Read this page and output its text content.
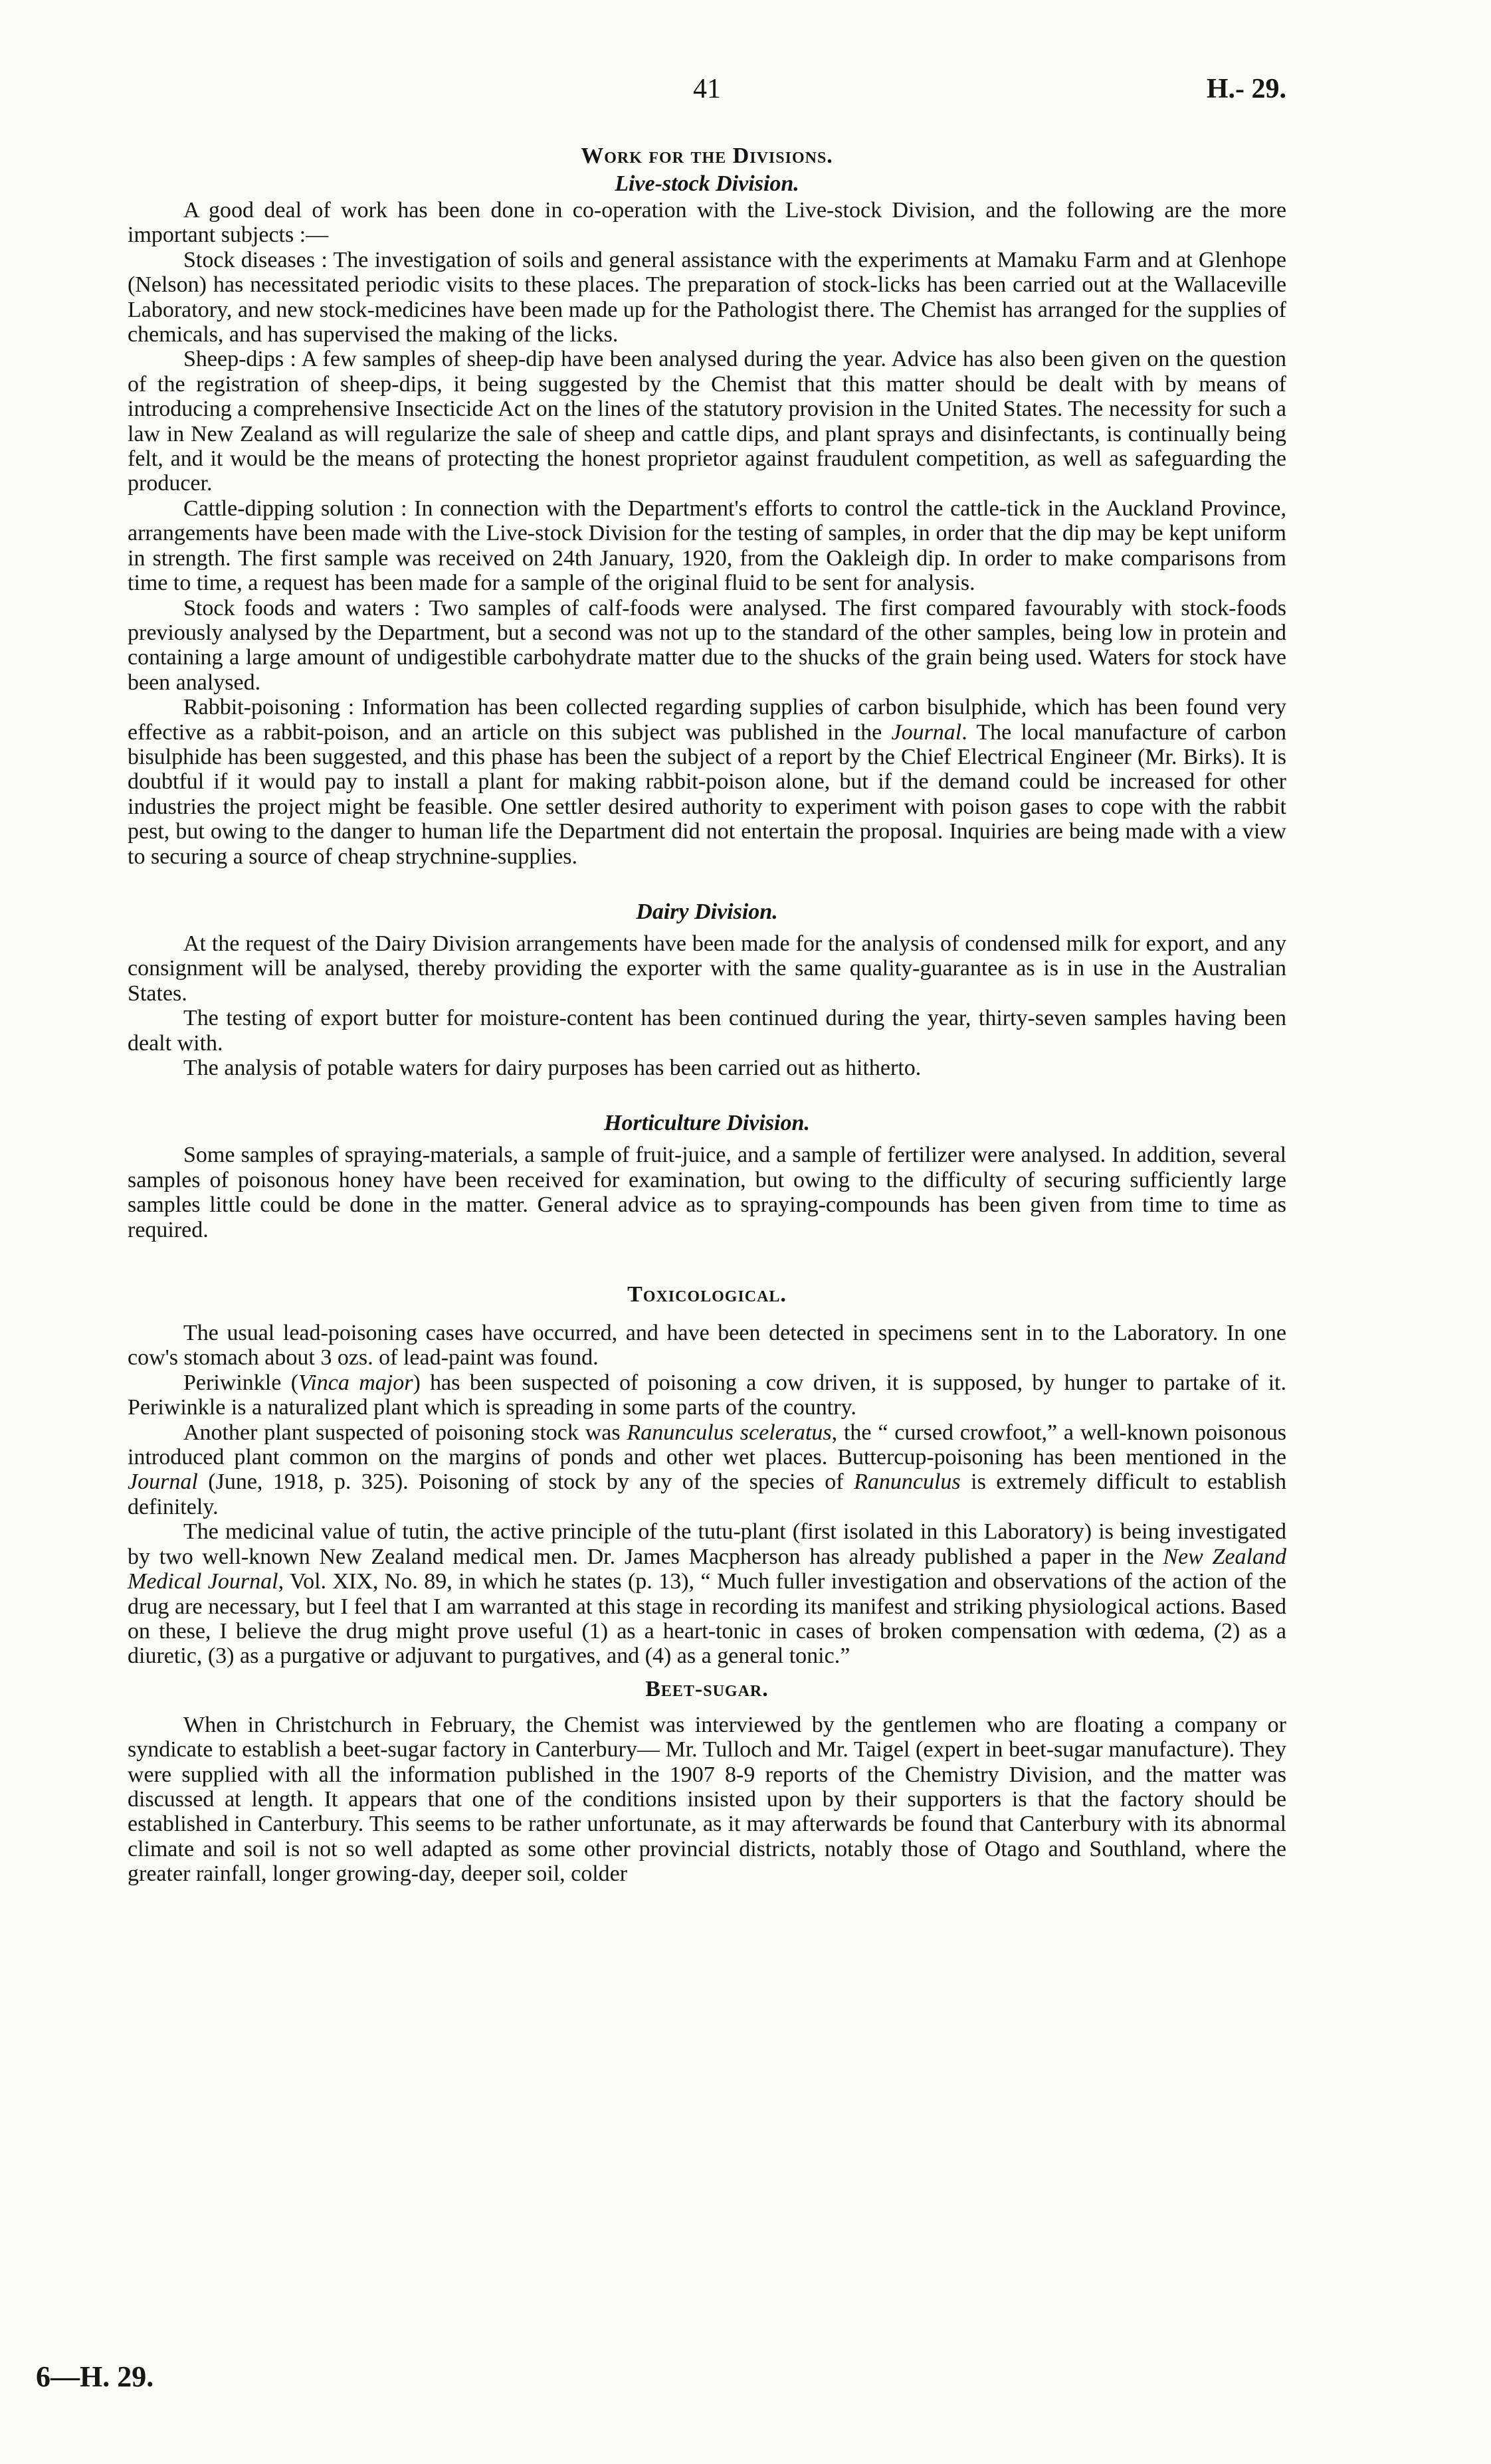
41	H.- 29.
Work for the Divisions.
Live-stock Division.

A good deal of work has been done in co-operation with the Live-stock Division, and the following are the more important subjects :—

Stock diseases : The investigation of soils and general assistance with the experiments at Mamaku Farm and at Glenhope (Nelson) has necessitated periodic visits to these places. The preparation of stock-licks has been carried out at the Wallaceville Laboratory, and new stock-medicines have been made up for the Pathologist there. The Chemist has arranged for the supplies of chemicals, and has supervised the making of the licks.

Sheep-dips : A few samples of sheep-dip have been analysed during the year. Advice has also been given on the question of the registration of sheep-dips, it being suggested by the Chemist that this matter should be dealt with by means of introducing a comprehensive Insecticide Act on the lines of the statutory provision in the United States. The necessity for such a law in New Zealand as will regularize the sale of sheep and cattle dips, and plant sprays and disinfectants, is continually being felt, and it would be the means of protecting the honest proprietor against fraudulent competition, as well as safeguarding the producer.

Cattle-dipping solution : In connection with the Department's efforts to control the cattle-tick in the Auckland Province, arrangements have been made with the Live-stock Division for the testing of samples, in order that the dip may be kept uniform in strength. The first sample was received on 24th January, 1920, from the Oakleigh dip. In order to make comparisons from time to time, a request has been made for a sample of the original fluid to be sent for analysis.

Stock foods and waters : Two samples of calf-foods were analysed. The first compared favourably with stock-foods previously analysed by the Department, but a second was not up to the standard of the other samples, being low in protein and containing a large amount of undigestible carbohydrate matter due to the shucks of the grain being used. Waters for stock have been analysed.

Rabbit-poisoning : Information has been collected regarding supplies of carbon bisulphide, which has been found very effective as a rabbit-poison, and an article on this subject was published in the Journal. The local manufacture of carbon bisulphide has been suggested, and this phase has been the subject of a report by the Chief Electrical Engineer (Mr. Birks). It is doubtful if it would pay to install a plant for making rabbit-poison alone, but if the demand could be increased for other industries the project might be feasible. One settler desired authority to experiment with poison gases to cope with the rabbit pest, but owing to the danger to human life the Department did not entertain the proposal. Inquiries are being made with a view to securing a source of cheap strychnine-supplies.

Dairy Division.

At the request of the Dairy Division arrangements have been made for the analysis of condensed milk for export, and any consignment will be analysed, thereby providing the exporter with the same quality-guarantee as is in use in the Australian States.

The testing of export butter for moisture-content has been continued during the year, thirty-seven samples having been dealt with.

The analysis of potable waters for dairy purposes has been carried out as hitherto.

Horticulture Division.

Some samples of spraying-materials, a sample of fruit-juice, and a sample of fertilizer were analysed. In addition, several samples of poisonous honey have been received for examination, but owing to the difficulty of securing sufficiently large samples little could be done in the matter. General advice as to spraying-compounds has been given from time to time as required.

Toxicological.

The usual lead-poisoning cases have occurred, and have been detected in specimens sent in to the Laboratory. In one cow's stomach about 3 ozs. of lead-paint was found.

Periwinkle (Vinca major) has been suspected of poisoning a cow driven, it is supposed, by hunger to partake of it. Periwinkle is a naturalized plant which is spreading in some parts of the country.

Another plant suspected of poisoning stock was Ranunculus sceleratus, the “ cursed crowfoot,” a well-known poisonous introduced plant common on the margins of ponds and other wet places. Buttercup-poisoning has been mentioned in the Journal (June, 1918, p. 325). Poisoning of stock by any of the species of Ranunculus is extremely difficult to establish definitely.

The medicinal value of tutin, the active principle of the tutu-plant (first isolated in this Laboratory) is being investigated by two well-known New Zealand medical men. Dr. James Macpherson has already published a paper in the New Zealand Medical Journal, Vol. XIX, No. 89, in which he states (p. 13), “ Much fuller investigation and observations of the action of the drug are necessary, but I feel that I am warranted at this stage in recording its manifest and striking physiological actions. Based on these, I believe the drug might prove useful (1) as a heart-tonic in cases of broken compensation with œdema, (2) as a diuretic, (3) as a purgative or adjuvant to purgatives, and (4) as a general tonic.”

Beet-sugar.

When in Christchurch in February, the Chemist was interviewed by the gentlemen who are floating a company or syndicate to establish a beet-sugar factory in Canterbury— Mr. Tulloch and Mr. Taigel (expert in beet-sugar manufacture). They were supplied with all the information published in the 1907 8-9 reports of the Chemistry Division, and the matter was discussed at length. It appears that one of the conditions insisted upon by their supporters is that the factory should be established in Canterbury. This seems to be rather unfortunate, as it may afterwards be found that Canterbury with its abnormal climate and soil is not so well adapted as some other provincial districts, notably those of Otago and Southland, where the greater rainfall, longer growing-day, deeper soil, colder

6—H. 29.
